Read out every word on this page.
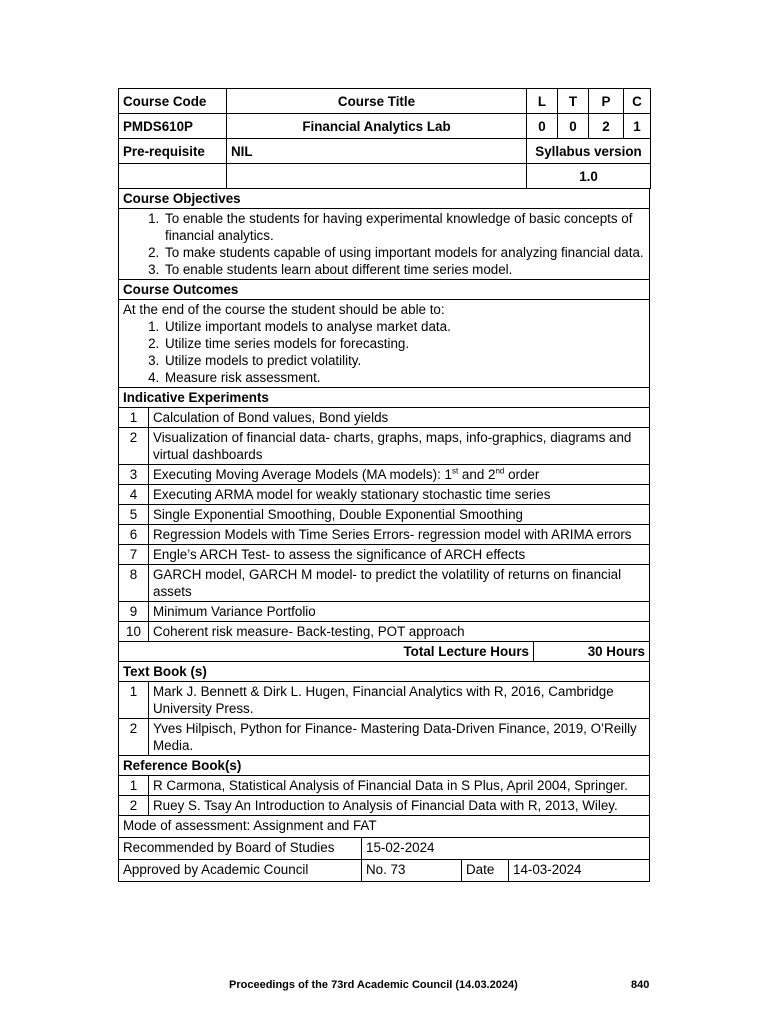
Course Code	Course Title	L	T	P	C
PMDS610P	Financial Analytics Lab	0	0	2	1
Pre-requisite	NIL	Syllabus version			
		1.0			
Course Objectives

1. To enable the students for having experimental knowledge of basic concepts of financial analytics.
2. To make students capable of using important models for analyzing financial data.
3. To enable students learn about different time series model.

Course Outcomes

At the end of the course the student should be able to:
1. Utilize important models to analyse market data.
2. Utilize time series models for forecasting.
3. Utilize models to predict volatility.
4. Measure risk assessment.

Indicative Experiments
1	Calculation of Bond values, Bond yields
2	Visualization of financial data- charts, graphs, maps, info-graphics, diagrams and virtual dashboards
3	Executing Moving Average Models (MA models): 1st and 2nd order
4	Executing ARMA model for weakly stationary stochastic time series
5	Single Exponential Smoothing, Double Exponential Smoothing
6	Regression Models with Time Series Errors- regression model with ARIMA errors
7	Engle’s ARCH Test- to assess the significance of ARCH effects
8	GARCH model, GARCH M model- to predict the volatility of returns on financial assets
9	Minimum Variance Portfolio
10	Coherent risk measure- Back-testing, POT approach
Total Lecture Hours	30 Hours
Text Book (s)	
1	Mark J. Bennett & Dirk L. Hugen, Financial Analytics with R, 2016, Cambridge University Press.
2	Yves Hilpisch, Python for Finance- Mastering Data-Driven Finance, 2019, O’Reilly Media.
Reference Book(s)	
1	R Carmona, Statistical Analysis of Financial Data in S Plus, April 2004, Springer.
2	Ruey S. Tsay An Introduction to Analysis of Financial Data with R, 2013, Wiley.
Mode of assessment: Assignment and FAT			
Recommended by Board of Studies	15-02-2024		
Approved by Academic Council	No. 73	Date	14-03-2024
Proceedings of the 73rd Academic Council (14.03.2024)	840
